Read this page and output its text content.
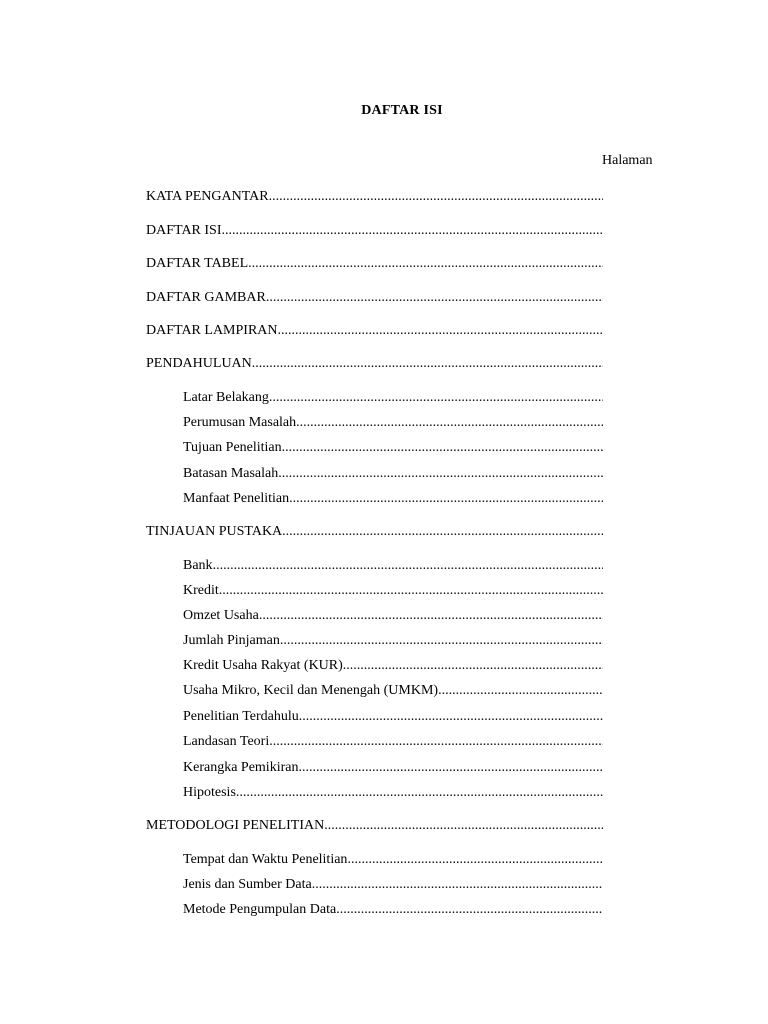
DAFTAR ISI
Halaman
KATA PENGANTAR
.....
DAFTAR ISI
.....
DAFTAR TABEL
.....
DAFTAR GAMBAR
.....
DAFTAR LAMPIRAN
.....
PENDAHULUAN
.....
Latar Belakang
.....
Perumusan Masalah
.....
Tujuan Penelitian
.....
Batasan Masalah
.....
Manfaat Penelitian
.....
TINJAUAN PUSTAKA
.....
Bank
.....
Kredit
.....
Omzet Usaha
.....
Jumlah Pinjaman
.....
Kredit Usaha Rakyat (KUR)
.....
Usaha Mikro, Kecil dan Menengah (UMKM)
.....
Penelitian Terdahulu
.....
Landasan Teori
.....
Kerangka Pemikiran
.....
Hipotesis
.....
METODOLOGI PENELITIAN
.....
Tempat dan Waktu Penelitian
.....
Jenis dan Sumber Data
.....
Metode Pengumpulan Data
.....
